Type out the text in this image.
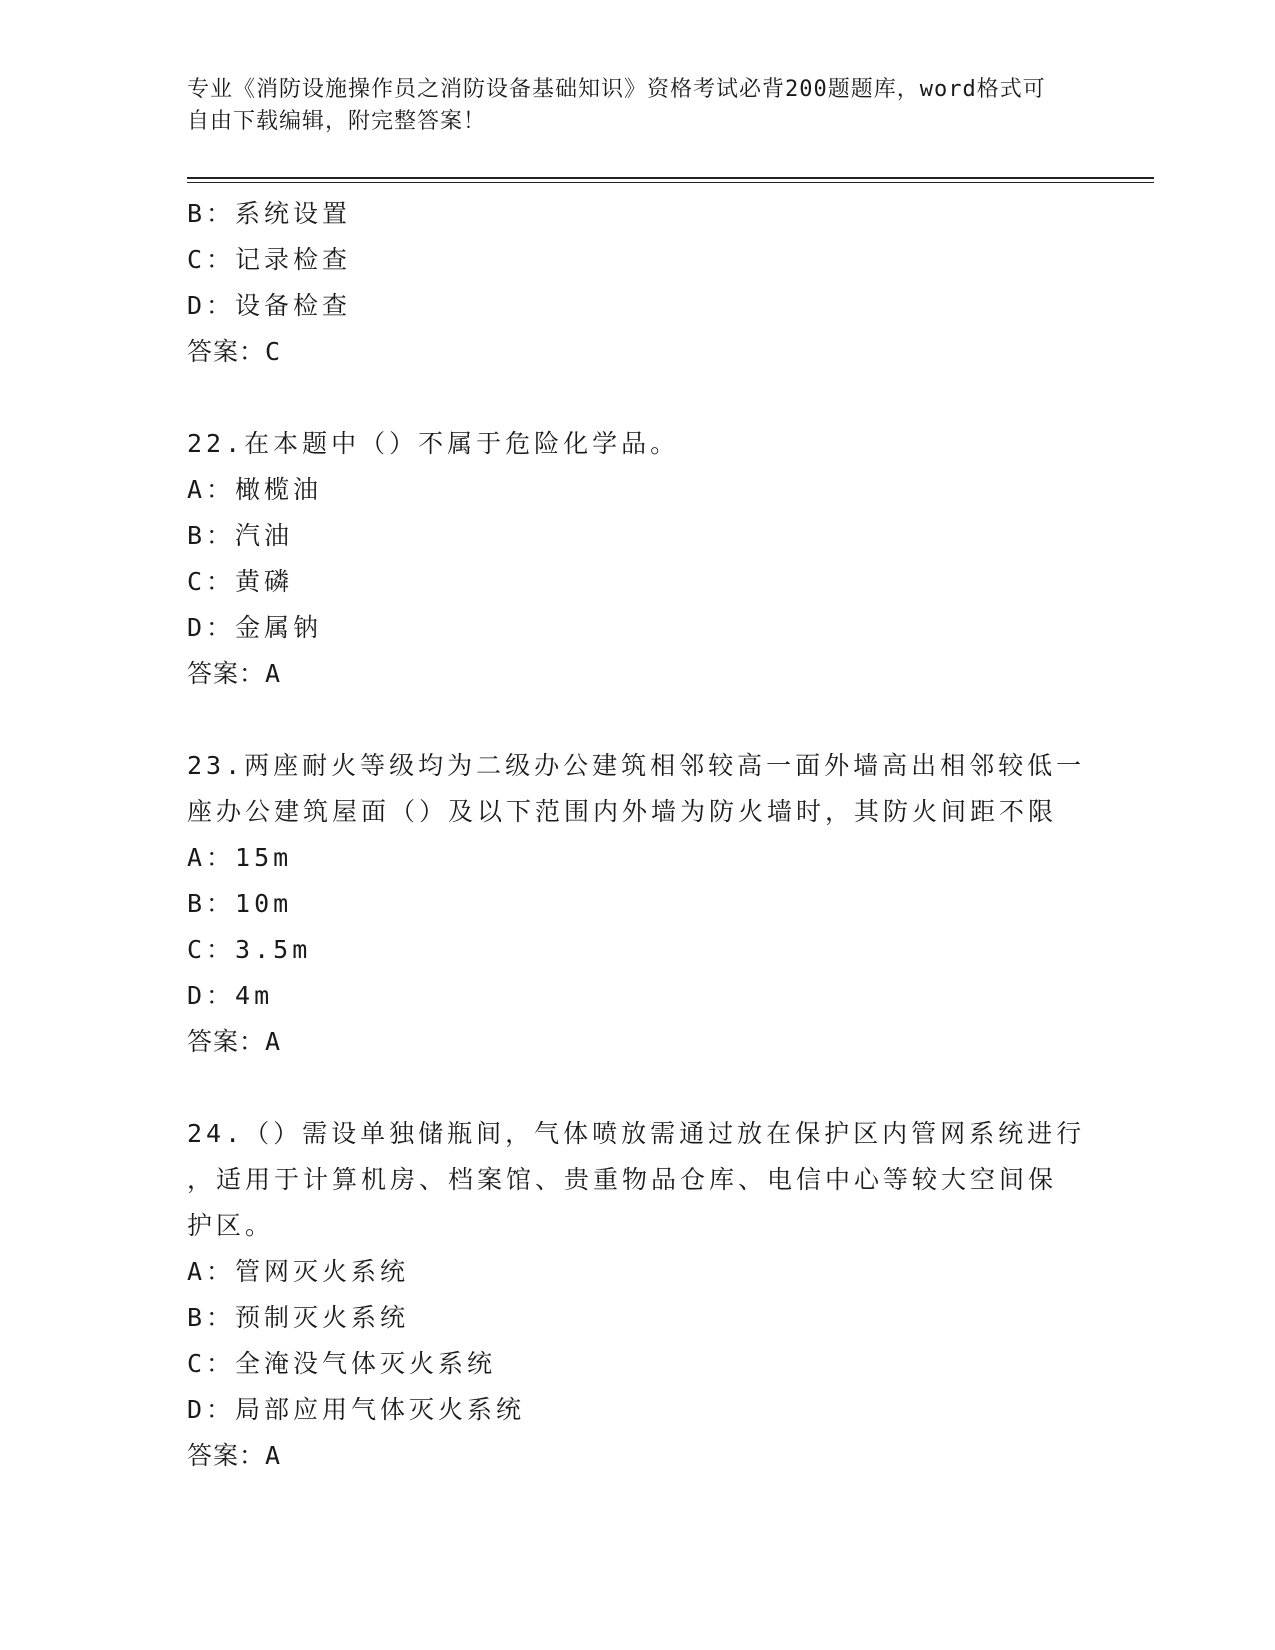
专业《消防设施操作员之消防设备基础知识》资格考试必背200题题库，word格式可自由下载编辑，附完整答案！
B：系统设置
C：记录检查
D：设备检查
答案：C
22.在本题中（）不属于危险化学品。
A：橄榄油
B：汽油
C：黄磷
D：金属钠
答案：A
23.两座耐火等级均为二级办公建筑相邻较高一面外墙高出相邻较低一
座办公建筑屋面（）及以下范围内外墙为防火墙时，其防火间距不限
A：15m
B：10m
C：3.5m
D：4m
答案：A
24.（）需设单独储瓶间，气体喷放需通过放在保护区内管网系统进行
，适用于计算机房、档案馆、贵重物品仓库、电信中心等较大空间保
护区。
A：管网灭火系统
B：预制灭火系统
C：全淹没气体灭火系统
D：局部应用气体灭火系统
答案：A
